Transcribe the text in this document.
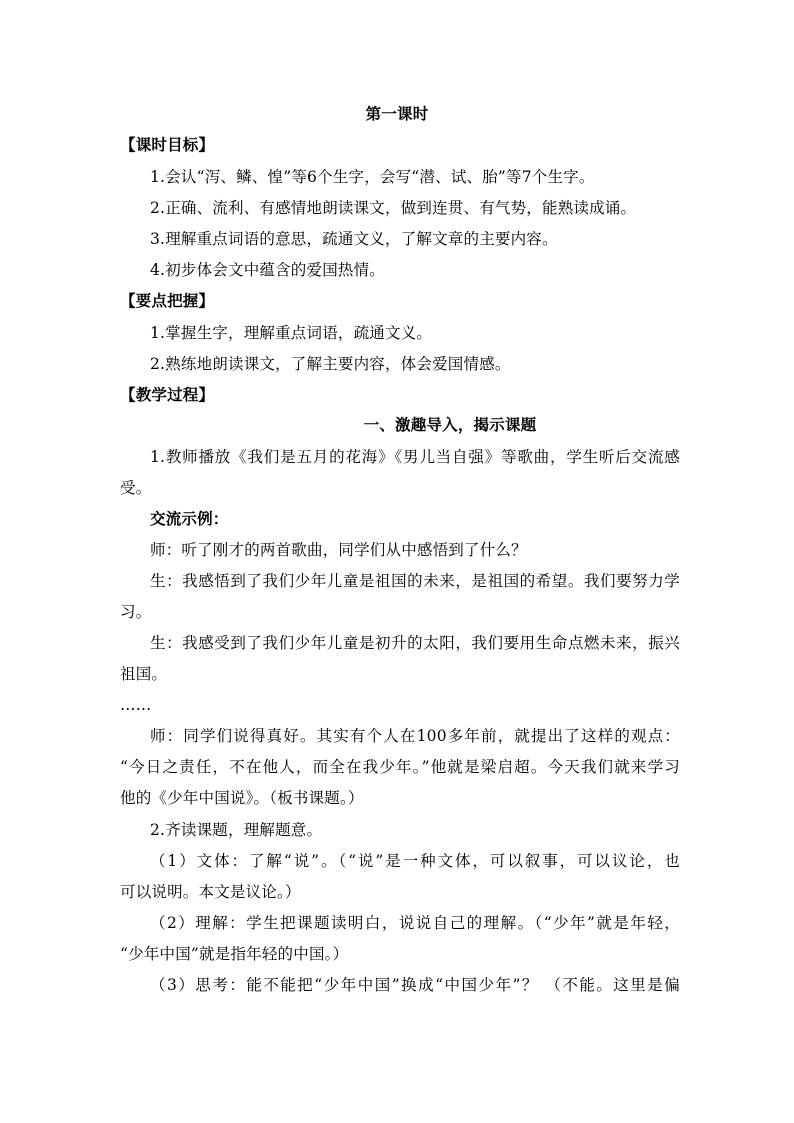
第一课时
【课时目标】
1.会认“泻、鳞、惶”等6个生字，会写“潜、试、胎”等7个生字。
2.正确、流利、有感情地朗读课文，做到连贯、有气势，能熟读成诵。
3.理解重点词语的意思，疏通文义，了解文章的主要内容。
4.初步体会文中蕴含的爱国热情。
【要点把握】
1.掌握生字，理解重点词语，疏通文义。
2.熟练地朗读课文，了解主要内容，体会爱国情感。
【教学过程】
一、激趣导入，揭示课题
1.教师播放《我们是五月的花海》《男儿当自强》等歌曲，学生听后交流感
受。
交流示例：
师：听了刚才的两首歌曲，同学们从中感悟到了什么？
生：我感悟到了我们少年儿童是祖国的未来，是祖国的希望。我们要努力学
习。
生：我感受到了我们少年儿童是初升的太阳，我们要用生命点燃未来，振兴
祖国。
……
师：同学们说得真好。其实有个人在100多年前，就提出了这样的观点：
“今日之责任，不在他人，而全在我少年。”他就是梁启超。今天我们就来学习
他的《少年中国说》。（板书课题。）
2.齐读课题，理解题意。
（1）文体：了解“说”。（“说”是一种文体，可以叙事，可以议论，也
可以说明。本文是议论。）
（2）理解：学生把课题读明白，说说自己的理解。（“少年”就是年轻，
“少年中国”就是指年轻的中国。）
（3）思考：能不能把“少年中国”换成“中国少年”？ （不能。这里是偏
